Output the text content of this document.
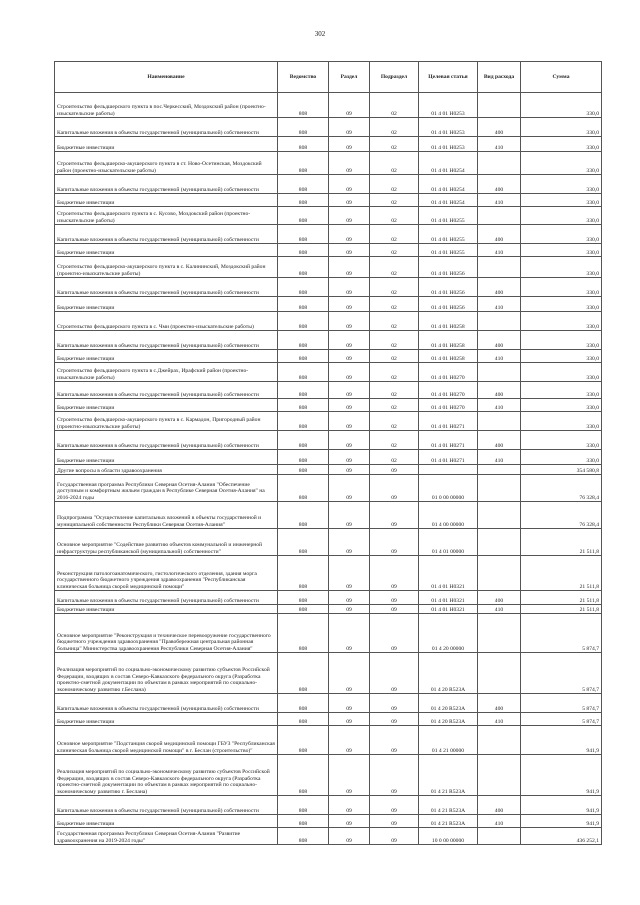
302
Наименование	Ведомство	Раздел	Подраздел	Целевая статья	Вид расхода	Сумма
Строительство фельдшерского пункта в пос.Черкесский, Моздокский район (проектно-изыскательские работы)	808	09	02	01 4 01 Н0253		330,0
Капитальные вложения в объекты государственной (муниципальной) собственности	808	09	02	01 4 01 Н0253	400	330,0
Бюджетные инвестиции	808	09	02	01 4 01 Н0253	410	330,0
Строительство фельдшерско-акушерского пункта в ст. Ново-Осетинская, Моздокский район (проектно-изыскательские работы)	808	09	02	01 4 01 Н0254		330,0
Капитальные вложения в объекты государственной (муниципальной) собственности	808	09	02	01 4 01 Н0254	400	330,0
Бюджетные инвестиции	808	09	02	01 4 01 Н0254	410	330,0
Строительство фельдшерского пункта в с. Кусово, Моздокский район (проектно-изыскательские работы)	808	09	02	01 4 01 Н0255		330,0
Капитальные вложения в объекты государственной (муниципальной) собственности	808	09	02	01 4 01 Н0255	400	330,0
Бюджетные инвестиции	808	09	02	01 4 01 Н0255	410	330,0
Строительство фельдшерско-акушерского пункта в с. Калининский, Моздокский район (проектно-изыскательские работы)	808	09	02	01 4 01 Н0256		330,0
Капитальные вложения в объекты государственной (муниципальной) собственности	808	09	02	01 4 01 Н0256	400	330,0
Бюджетные инвестиции	808	09	02	01 4 01 Н0256	410	330,0
Строительство фельдшерского пункта в с. Чми (проектно-изыскательские работы)	808	09	02	01 4 01 Н0258		330,0
Капитальные вложения в объекты государственной (муниципальной) собственности	808	09	02	01 4 01 Н0258	400	330,0
Бюджетные инвестиции	808	09	02	01 4 01 Н0258	410	330,0
Строительство фельдшерского пункта в с.Джейрах, Ирафский район (проектно-изыскательские работы)	808	09	02	01 4 01 Н0270		330,0
Капитальные вложения в объекты государственной (муниципальной) собственности	808	09	02	01 4 01 Н0270	400	330,0
Бюджетные инвестиции	808	09	02	01 4 01 Н0270	410	330,0
Строительство фельдшерско-акушерского пункта в с. Кармадон, Пригородный район (проектно-изыскательские работы)	808	09	02	01 4 01 Н0271		330,0
Капитальные вложения в объекты государственной (муниципальной) собственности	808	09	02	01 4 01 Н0271	400	330,0
Бюджетные инвестиции	808	09	02	01 4 01 Н0271	410	330,0
Другие вопросы в области здравоохранения	808	09	09			354 580,8
Государственная программа Республики Северная Осетия-Алания "Обеспечение доступным и комфортным жильем граждан в Республике Северная Осетия-Алания" на 2016-2024 годы	808	09	09	01 0 00 00000		76 328,4
Подпрограмма "Осуществление капитальных вложений в объекты государственной и муниципальной собственности Республики Северная Осетия-Алания"	808	09	09	01 4 00 00000		76 328,4
Основное мероприятие "Содействие развитию объектов коммунальной и инженерной инфраструктуры республиканской (муниципальной) собственности"	808	09	09	01 4 01 00000		21 511,8
Реконструкция патологоанатомического, гистологического отделения, здания морга государственного бюджетного учреждения здравоохранения "Республиканская клиническая больница скорой медицинской помощи"	808	09	09	01 4 01 Н0321		21 511,8
Капитальные вложения в объекты государственной (муниципальной) собственности	808	09	09	01 4 01 Н0321	400	21 511,8
Бюджетные инвестиции	808	09	09	01 4 01 Н0321	410	21 511,8
Основное мероприятие "Реконструкция и техническое перевооружение государственного бюджетного учреждения здравоохранения "Правобережная центральная районная больница" Министерства здравоохранения Республики Северная Осетия-Алания"	808	09	09	01 4 20 00000		5 874,7
Реализация мероприятий по социально-экономическому развитию субъектов Российской Федерации, входящих в состав Северо-Кавказского федерального округа (Разработка проектно-сметной документации по объектам в рамках мероприятий по социально-экономическому развитию г.Беслана)	808	09	09	01 4 20 R523A		5 874,7
Капитальные вложения в объекты государственной (муниципальной) собственности	808	09	09	01 4 20 R523A	400	5 874,7
Бюджетные инвестиции	808	09	09	01 4 20 R523A	410	5 874,7
Основное мероприятие "Подстанция скорой медицинской помощи ГБУЗ "Республиканская клиническая больница скорой медицинской помощи" в г. Беслан (строительство)"	808	09	09	01 4 21 00000		941,9
Реализация мероприятий по социально-экономическому развитию субъектов Российской Федерации, входящих в состав Северо-Кавказского федерального округа (Разработка проектно-сметной документации по объектам в рамках мероприятий по социально-экономическому развитию г. Беслана)	808	09	09	01 4 21 R523A		941,9
Капитальные вложения в объекты государственной (муниципальной) собственности	808	09	09	01 4 21 R523A	400	941,9
Бюджетные инвестиции	808	09	09	01 4 21 R523A	410	941,9
Государственная программа Республики Северная Осетия-Алания "Развитие здравоохранения на 2019-2024 годы"	808	09	09	10 0 00 00000		436 252,1
